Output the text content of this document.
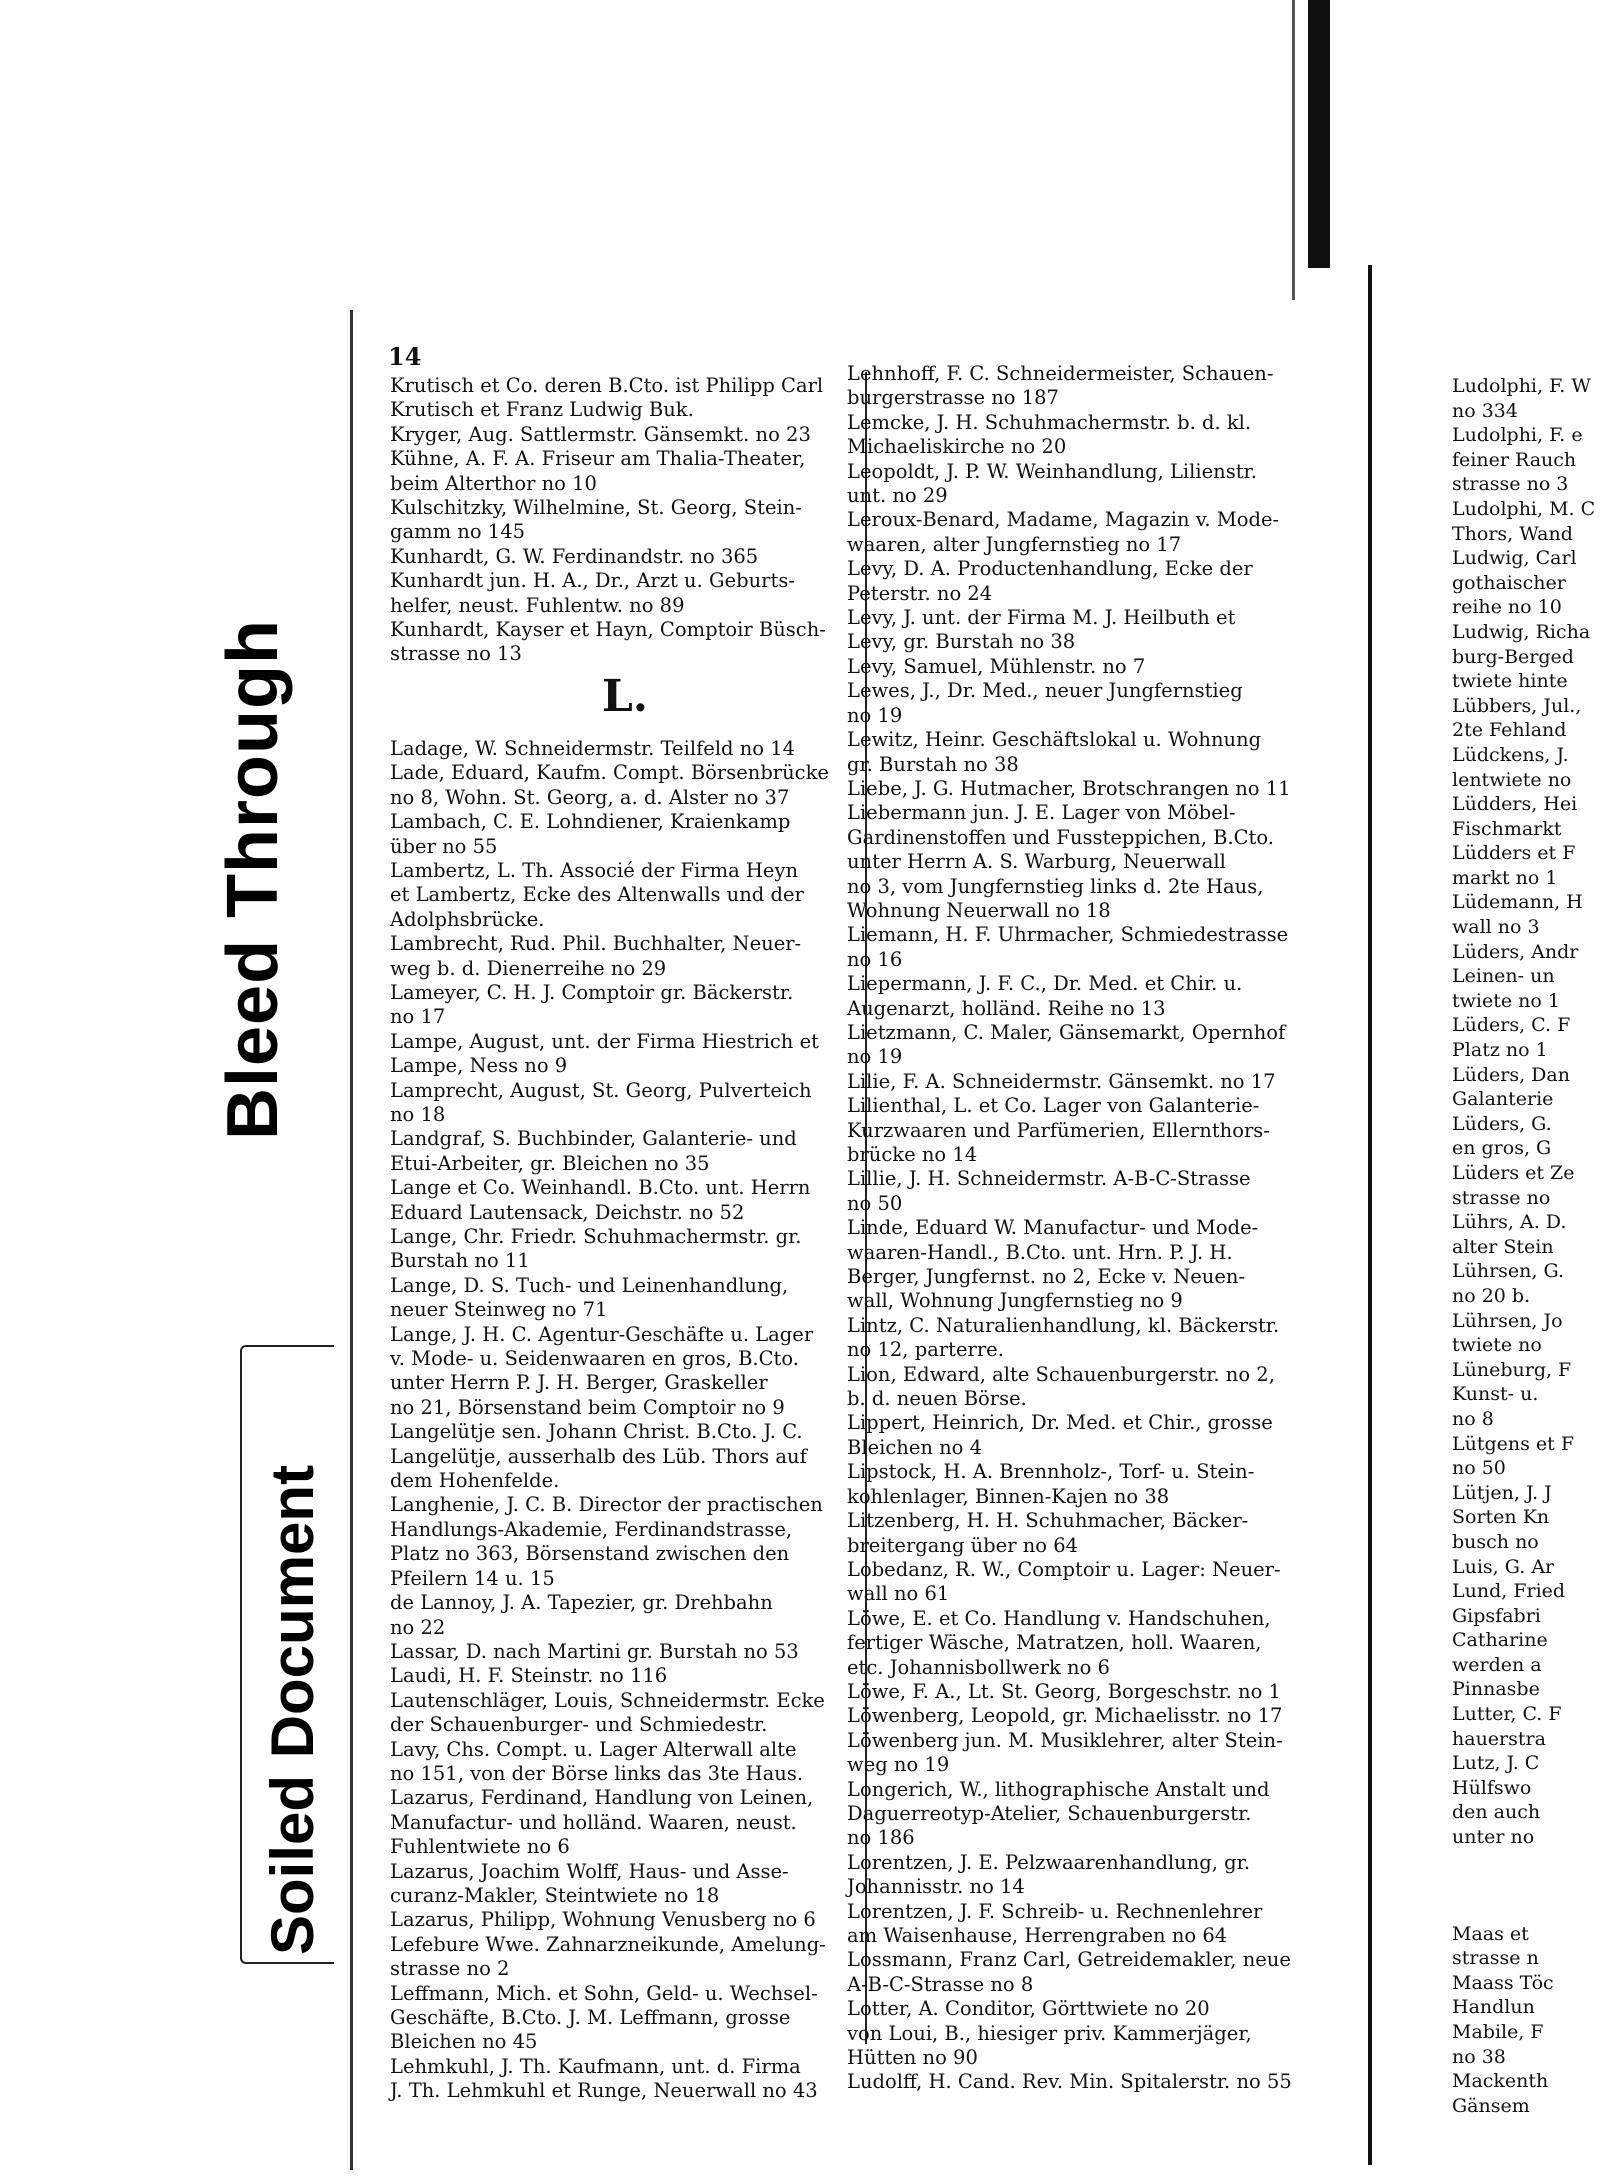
Bleed Through
Soiled Document
14
Krutisch et Co. deren B.Cto. ist Philipp Carl
Krutisch et Franz Ludwig Buk.
Kryger, Aug. Sattlermstr. Gänsemkt. no 23
Kühne, A. F. A. Friseur am Thalia-Theater,
beim Alterthor no 10
Kulschitzky, Wilhelmine, St. Georg, Stein-
gamm no 145
Kunhardt, G. W. Ferdinandstr. no 365
Kunhardt jun. H. A., Dr., Arzt u. Geburts-
helfer, neust. Fuhlentw. no 89
Kunhardt, Kayser et Hayn, Comptoir Büsch-
strasse no 13
L.
Ladage, W. Schneidermstr. Teilfeld no 14
Lade, Eduard, Kaufm. Compt. Börsenbrücke
no 8, Wohn. St. Georg, a. d. Alster no 37
Lambach, C. E. Lohndiener, Kraienkamp
über no 55
Lambertz, L. Th. Associé der Firma Heyn
et Lambertz, Ecke des Altenwalls und der
Adolphsbrücke.
Lambrecht, Rud. Phil. Buchhalter, Neuer-
weg b. d. Dienerreihe no 29
Lameyer, C. H. J. Comptoir gr. Bäckerstr.
no 17
Lampe, August, unt. der Firma Hiestrich et
Lampe, Ness no 9
Lamprecht, August, St. Georg, Pulverteich
no 18
Landgraf, S. Buchbinder, Galanterie- und
Etui-Arbeiter, gr. Bleichen no 35
Lange et Co. Weinhandl. B.Cto. unt. Herrn
Eduard Lautensack, Deichstr. no 52
Lange, Chr. Friedr. Schuhmachermstr. gr.
Burstah no 11
Lange, D. S. Tuch- und Leinenhandlung,
neuer Steinweg no 71
Lange, J. H. C. Agentur-Geschäfte u. Lager
v. Mode- u. Seidenwaaren en gros, B.Cto.
unter Herrn P. J. H. Berger, Graskeller
no 21, Börsenstand beim Comptoir no 9
Langelütje sen. Johann Christ. B.Cto. J. C.
Langelütje, ausserhalb des Lüb. Thors auf
dem Hohenfelde.
Langhenie, J. C. B. Director der practischen
Handlungs-Akademie, Ferdinandstrasse,
Platz no 363, Börsenstand zwischen den
Pfeilern 14 u. 15
de Lannoy, J. A. Tapezier, gr. Drehbahn
no 22
Lassar, D. nach Martini gr. Burstah no 53
Laudi, H. F. Steinstr. no 116
Lautenschläger, Louis, Schneidermstr. Ecke
der Schauenburger- und Schmiedestr.
Lavy, Chs. Compt. u. Lager Alterwall alte
no 151, von der Börse links das 3te Haus.
Lazarus, Ferdinand, Handlung von Leinen,
Manufactur- und holländ. Waaren, neust.
Fuhlentwiete no 6
Lazarus, Joachim Wolff, Haus- und Asse-
curanz-Makler, Steintwiete no 18
Lazarus, Philipp, Wohnung Venusberg no 6
Lefebure Wwe. Zahnarzneikunde, Amelung-
strasse no 2
Leffmann, Mich. et Sohn, Geld- u. Wechsel-
Geschäfte, B.Cto. J. M. Leffmann, grosse
Bleichen no 45
Lehmkuhl, J. Th. Kaufmann, unt. d. Firma
J. Th. Lehmkuhl et Runge, Neuerwall no 43
Lehnhoff, F. C. Schneidermeister, Schauen-
burgerstrasse no 187
Lemcke, J. H. Schuhmachermstr. b. d. kl.
Michaeliskirche no 20
Leopoldt, J. P. W. Weinhandlung, Lilienstr.
unt. no 29
Leroux-Benard, Madame, Magazin v. Mode-
waaren, alter Jungfernstieg no 17
Levy, D. A. Productenhandlung, Ecke der
Peterstr. no 24
Levy, J. unt. der Firma M. J. Heilbuth et
Levy, gr. Burstah no 38
Levy, Samuel, Mühlenstr. no 7
Lewes, J., Dr. Med., neuer Jungfernstieg
no 19
Lewitz, Heinr. Geschäftslokal u. Wohnung
gr. Burstah no 38
Liebe, J. G. Hutmacher, Brotschrangen no 11
Liebermann jun. J. E. Lager von Möbel-
Gardinenstoffen und Fussteppichen, B.Cto.
unter Herrn A. S. Warburg, Neuerwall
no 3, vom Jungfernstieg links d. 2te Haus,
Wohnung Neuerwall no 18
Liemann, H. F. Uhrmacher, Schmiedestrasse
no 16
Liepermann, J. F. C., Dr. Med. et Chir. u.
Augenarzt, holländ. Reihe no 13
Lietzmann, C. Maler, Gänsemarkt, Opernhof
no 19
Lilie, F. A. Schneidermstr. Gänsemkt. no 17
Lilienthal, L. et Co. Lager von Galanterie-
Kurzwaaren und Parfümerien, Ellernthors-
brücke no 14
Lillie, J. H. Schneidermstr. A-B-C-Strasse
no 50
Linde, Eduard W. Manufactur- und Mode-
waaren-Handl., B.Cto. unt. Hrn. P. J. H.
Berger, Jungfernst. no 2, Ecke v. Neuen-
wall, Wohnung Jungfernstieg no 9
Lintz, C. Naturalienhandlung, kl. Bäckerstr.
no 12, parterre.
Lion, Edward, alte Schauenburgerstr. no 2,
b. d. neuen Börse.
Lippert, Heinrich, Dr. Med. et Chir., grosse
Bleichen no 4
Lipstock, H. A. Brennholz-, Torf- u. Stein-
kohlenlager, Binnen-Kajen no 38
Litzenberg, H. H. Schuhmacher, Bäcker-
breitergang über no 64
Lobedanz, R. W., Comptoir u. Lager: Neuer-
wall no 61
Löwe, E. et Co. Handlung v. Handschuhen,
fertiger Wäsche, Matratzen, holl. Waaren,
etc. Johannisbollwerk no 6
Löwe, F. A., Lt. St. Georg, Borgeschstr. no 1
Löwenberg, Leopold, gr. Michaelisstr. no 17
Löwenberg jun. M. Musiklehrer, alter Stein-
weg no 19
Longerich, W., lithographische Anstalt und
Daguerreotyp-Atelier, Schauenburgerstr.
no 186
Lorentzen, J. E. Pelzwaarenhandlung, gr.
Johannisstr. no 14
Lorentzen, J. F. Schreib- u. Rechnenlehrer
am Waisenhause, Herrengraben no 64
Lossmann, Franz Carl, Getreidemakler, neue
A-B-C-Strasse no 8
Lotter, A. Conditor, Görttwiete no 20
von Loui, B., hiesiger priv. Kammerjäger,
Hütten no 90
Ludolff, H. Cand. Rev. Min. Spitalerstr. no 55
Ludolphi, F. W
no 334
Ludolphi, F. e
feiner Rauch
strasse no 3
Ludolphi, M. C
Thors, Wand
Ludwig, Carl
gothaischer
reihe no 10
Ludwig, Richa
burg-Berged
twiete hinte
Lübbers, Jul.,
2te Fehland
Lüdckens, J.
lentwiete no
Lüdders, Hei
Fischmarkt
Lüdders et F
markt no 1
Lüdemann, H
wall no 3
Lüders, Andr
Leinen- un
twiete no 1
Lüders, C. F
Platz no 1
Lüders, Dan
Galanterie
Lüders, G.
en gros, G
Lüders et Ze
strasse no
Lührs, A. D.
alter Stein
Lührsen, G.
no 20 b.
Lührsen, Jo
twiete no
Lüneburg, F
Kunst- u.
no 8
Lütgens et F
no 50
Lütjen, J. J
Sorten Kn
busch no
Luis, G. Ar
Lund, Fried
Gipsfabri
Catharine
werden a
Pinnasbe
Lutter, C. F
hauerstra
Lutz, J. C
Hülfswo
den auch
unter no
Maas et
strasse n
Maass Töc
Handlun
Mabile, F
no 38
Mackenth
Gänsem
